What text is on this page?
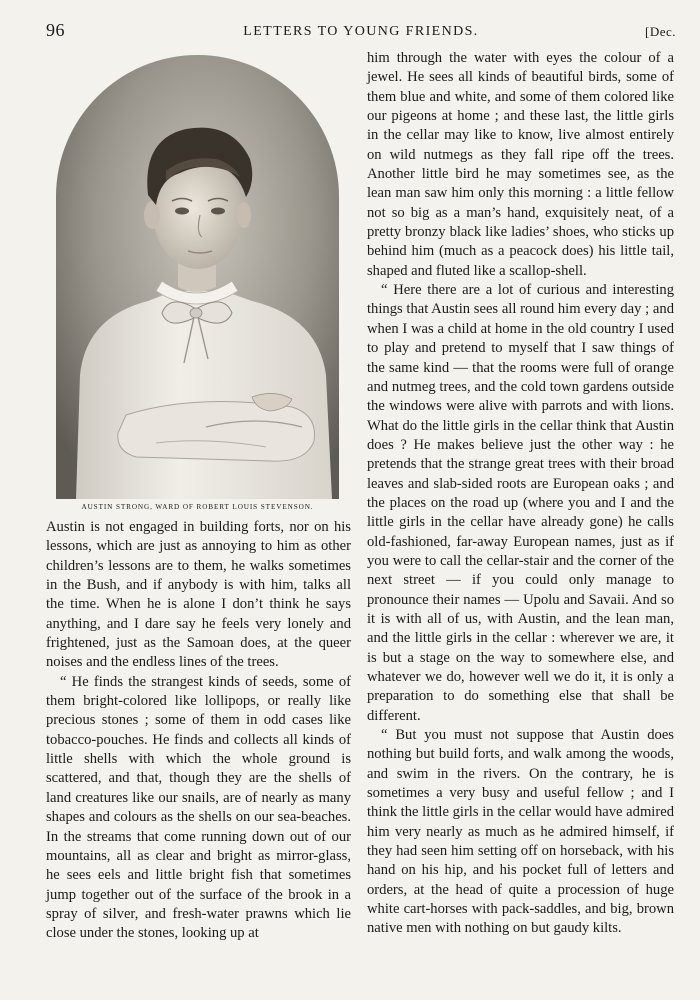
96	LETTERS TO YOUNG FRIENDS.	[Dec.
AUSTIN STRONG, WARD OF ROBERT LOUIS STEVENSON.

Austin is not engaged in building forts, nor on his lessons, which are just as annoying to him as other children’s lessons are to them, he walks sometimes in the Bush, and if anybody is with him, talks all the time. When he is alone I don’t think he says anything, and I dare say he feels very lonely and frightened, just as the Samoan does, at the queer noises and the endless lines of the trees.

“ He finds the strangest kinds of seeds, some of them bright-colored like lollipops, or really like precious stones ; some of them in odd cases like tobacco-pouches. He finds and collects all kinds of little shells with which the whole ground is scattered, and that, though they are the shells of land creatures like our snails, are of nearly as many shapes and colours as the shells on our sea-beaches. In the streams that come running down out of our mountains, all as clear and bright as mirror-glass, he sees eels and little bright fish that sometimes jump together out of the surface of the brook in a spray of silver, and fresh-water prawns which lie close under the stones, looking up at

him through the water with eyes the colour of a jewel. He sees all kinds of beautiful birds, some of them blue and white, and some of them colored like our pigeons at home ; and these last, the little girls in the cellar may like to know, live almost entirely on wild nutmegs as they fall ripe off the trees. Another little bird he may sometimes see, as the lean man saw him only this morning : a little fellow not so big as a man’s hand, exquisitely neat, of a pretty bronzy black like ladies’ shoes, who sticks up behind him (much as a peacock does) his little tail, shaped and fluted like a scallop-shell.

“ Here there are a lot of curious and interesting things that Austin sees all round him every day ; and when I was a child at home in the old country I used to play and pretend to myself that I saw things of the same kind — that the rooms were full of orange and nutmeg trees, and the cold town gardens outside the windows were alive with parrots and with lions. What do the little girls in the cellar think that Austin does ? He makes believe just the other way : he pretends that the strange great trees with their broad leaves and slab-sided roots are European oaks ; and the places on the road up (where you and I and the little girls in the cellar have already gone) he calls old-fashioned, far-away European names, just as if you were to call the cellar-stair and the corner of the next street — if you could only manage to pronounce their names — Upolu and Savaii. And so it is with all of us, with Austin, and the lean man, and the little girls in the cellar : wherever we are, it is but a stage on the way to somewhere else, and whatever we do, however well we do it, it is only a preparation to do something else that shall be different.

“ But you must not suppose that Austin does nothing but build forts, and walk among the woods, and swim in the rivers. On the contrary, he is sometimes a very busy and useful fellow ; and I think the little girls in the cellar would have admired him very nearly as much as he admired himself, if they had seen him setting off on horseback, with his hand on his hip, and his pocket full of letters and orders, at the head of quite a procession of huge white cart-horses with pack-saddles, and big, brown native men with nothing on but gaudy kilts.
